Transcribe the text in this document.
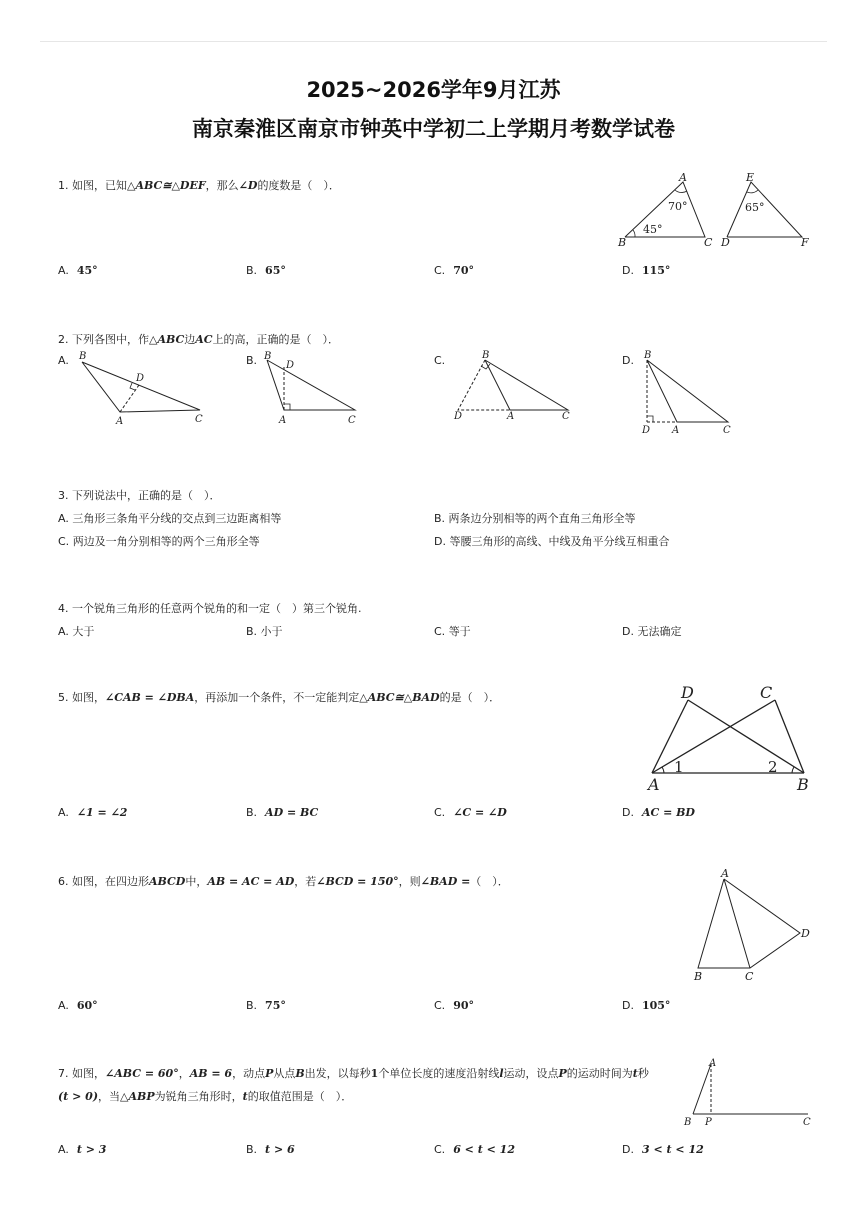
2025~2026学年9月江苏
南京秦淮区南京市钟英中学初二上学期月考数学试卷
1. 如图，已知△ABC≅△DEF，那么∠D的度数是（　）．
A
B	C D
E
F
70°
45°
65°
A. 45°	B. 65°	C. 70°	D. 115°
2. 下列各图中，作△ABC边AC上的高，正确的是（　）．
A. B
D
A	C
B. B
D
A	C
C.	B
D	A	C
D. B
D A	C
3. 下列说法中，正确的是（　）．
A. 三角形三条角平分线的交点到三边距离相等	B. 两条边分别相等的两个直角三角形全等
C. 两边及一角分别相等的两个三角形全等	D. 等腰三角形的高线、中线及角平分线互相重合
4. 一个锐角三角形的任意两个锐角的和一定（　）第三个锐角.
A. 大于	B. 小于	C. 等于	D. 无法确定
5. 如图，∠CAB = ∠DBA，再添加一个条件，不一定能判定△ABC≅△BAD的是（　）．
A	B
C
D
1	2
A. ∠1 = ∠2	B. AD = BC	C. ∠C = ∠D	D. AC = BD
6. 如图，在四边形ABCD中，AB = AC = AD，若∠BCD = 150°，则∠BAD =（　）．
A
B	C
D
A. 60°	B. 75°	C. 90°	D. 105°
7. 如图，∠ABC = 60°，AB = 6，动点P从点B出发，以每秒1个单位长度的速度沿射线l运动，设点P的运动时间为t秒
(t > 0)，当△ABP为锐角三角形时，t的取值范围是（　）．
A
B P	C
A. t > 3	B. t > 6	C. 6 < t < 12	D. 3 < t < 12
